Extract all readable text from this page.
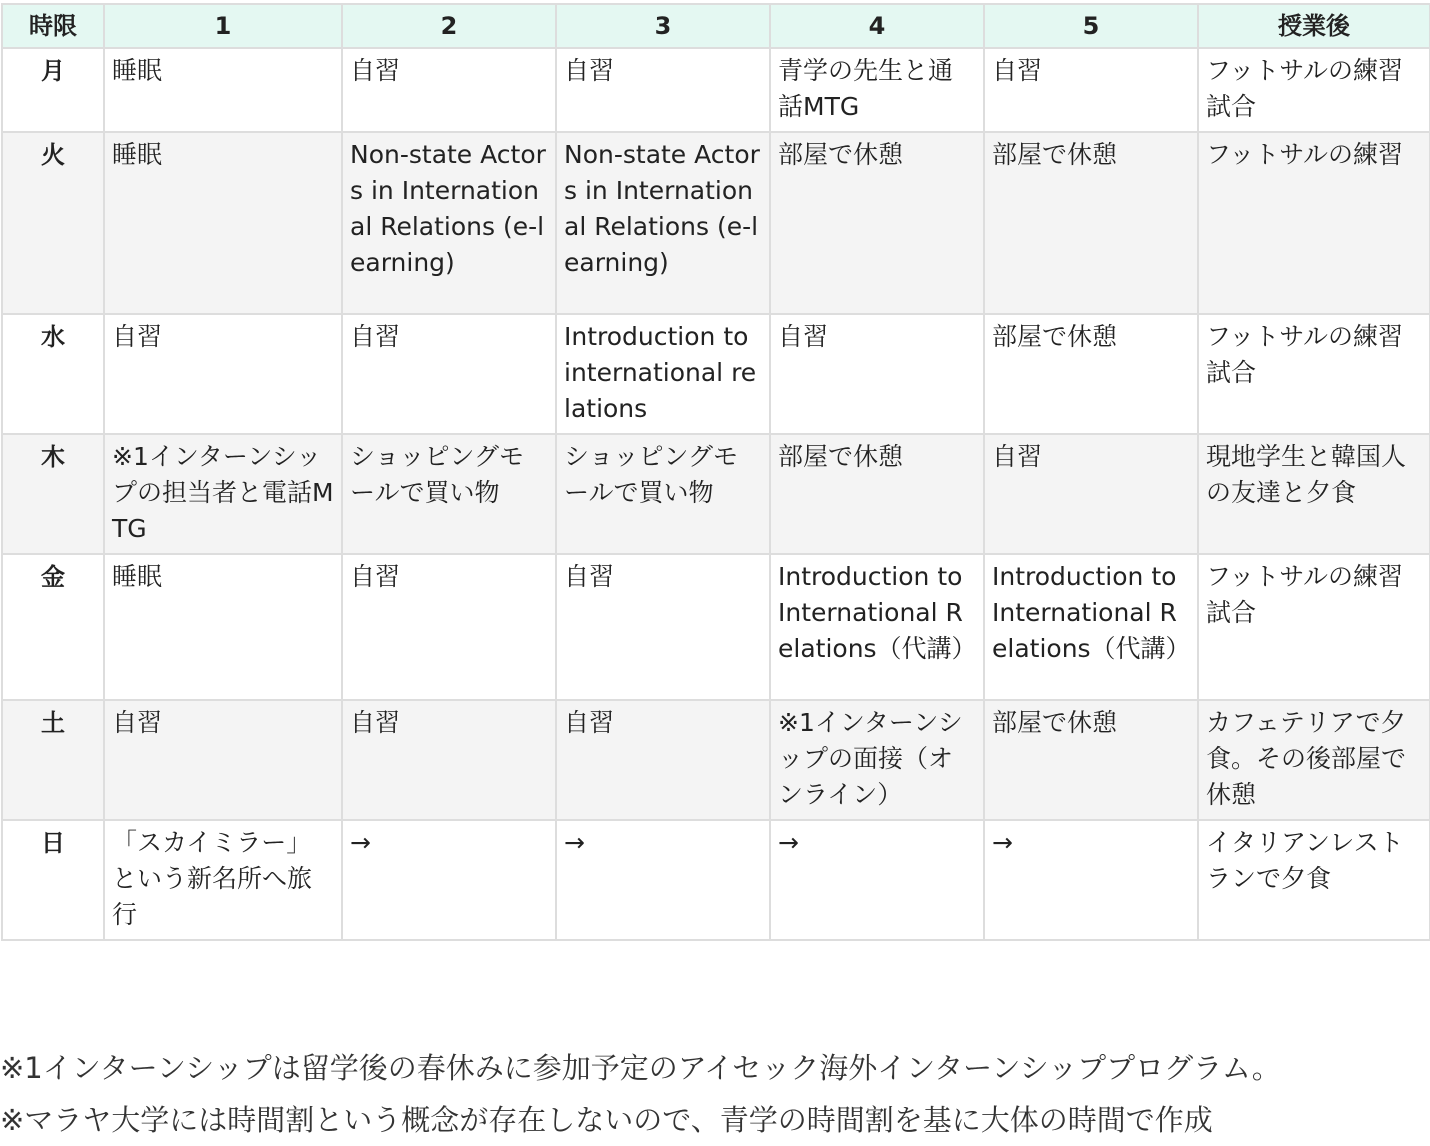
時限	1	2	3	4	5	授業後
月	睡眠	自習	自習	青学の先生と通話MTG	自習	フットサルの練習試合
火	睡眠	Non-state Actors in International Relations (e-learning)	Non-state Actors in International Relations (e-learning)	部屋で休憩	部屋で休憩	フットサルの練習
水	自習	自習	Introduction to international relations	自習	部屋で休憩	フットサルの練習試合
木	※1インターンシップの担当者と電話MTG	ショッピングモールで買い物	ショッピングモールで買い物	部屋で休憩	自習	現地学生と韓国人の友達と夕食
金	睡眠	自習	自習	Introduction to International Relations（代講）	Introduction to International Relations（代講）	フットサルの練習試合
土	自習	自習	自習	※1インターンシップの面接（オンライン）	部屋で休憩	カフェテリアで夕食。その後部屋で休憩
日	「スカイミラー」という新名所へ旅行	→	→	→	→	イタリアンレストランで夕食
※1インターンシップは留学後の春休みに参加予定のアイセック海外インターンシッププログラム。
※マラヤ大学には時間割という概念が存在しないので、青学の時間割を基に大体の時間で作成
